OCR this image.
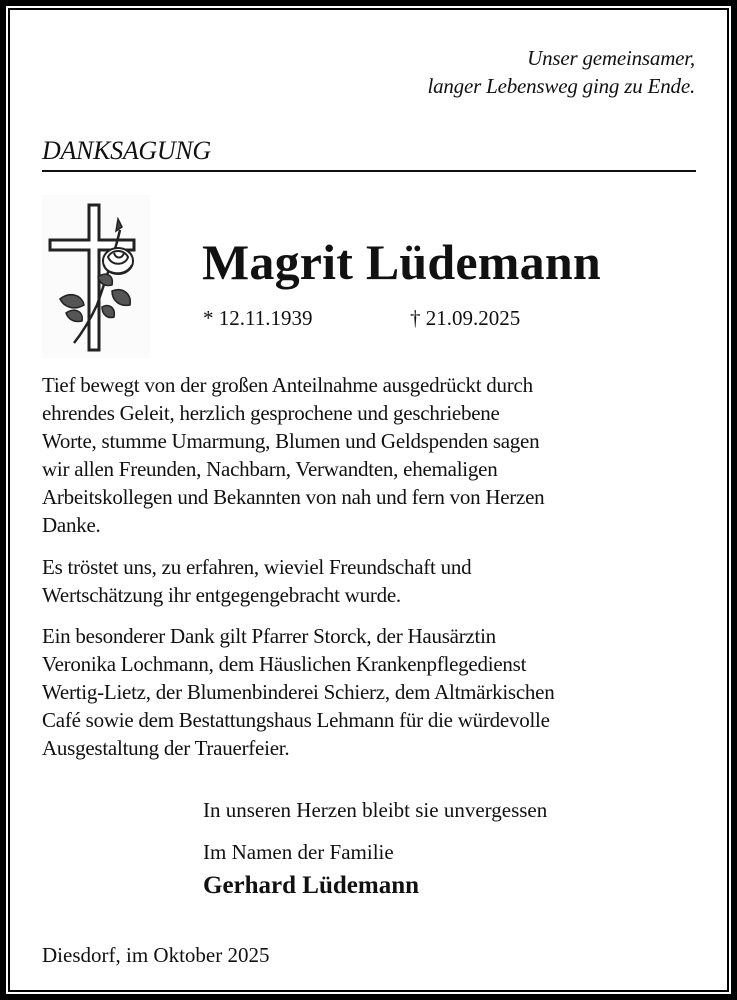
Unser gemeinsamer,
langer Lebensweg ging zu Ende.
DANKSAGUNG
Magrit Lüdemann
* 12.11.1939	† 21.09.2025
Tief bewegt von der großen Anteilnahme ausgedrückt durch
ehrendes Geleit, herzlich gesprochene und geschriebene
Worte, stumme Umarmung, Blumen und Geldspenden sagen
wir allen Freunden, Nachbarn, Verwandten, ehemaligen
Arbeitskollegen und Bekannten von nah und fern von Herzen
Danke.
Es tröstet uns, zu erfahren, wieviel Freundschaft und
Wertschätzung ihr entgegengebracht wurde.
Ein besonderer Dank gilt Pfarrer Storck, der Hausärztin
Veronika Lochmann, dem Häuslichen Krankenpflegedienst
Wertig-Lietz, der Blumenbinderei Schierz, dem Altmärkischen
Café sowie dem Bestattungshaus Lehmann für die würdevolle
Ausgestaltung der Trauerfeier.
In unseren Herzen bleibt sie unvergessen
Im Namen der Familie
Gerhard Lüdemann
Diesdorf, im Oktober 2025
